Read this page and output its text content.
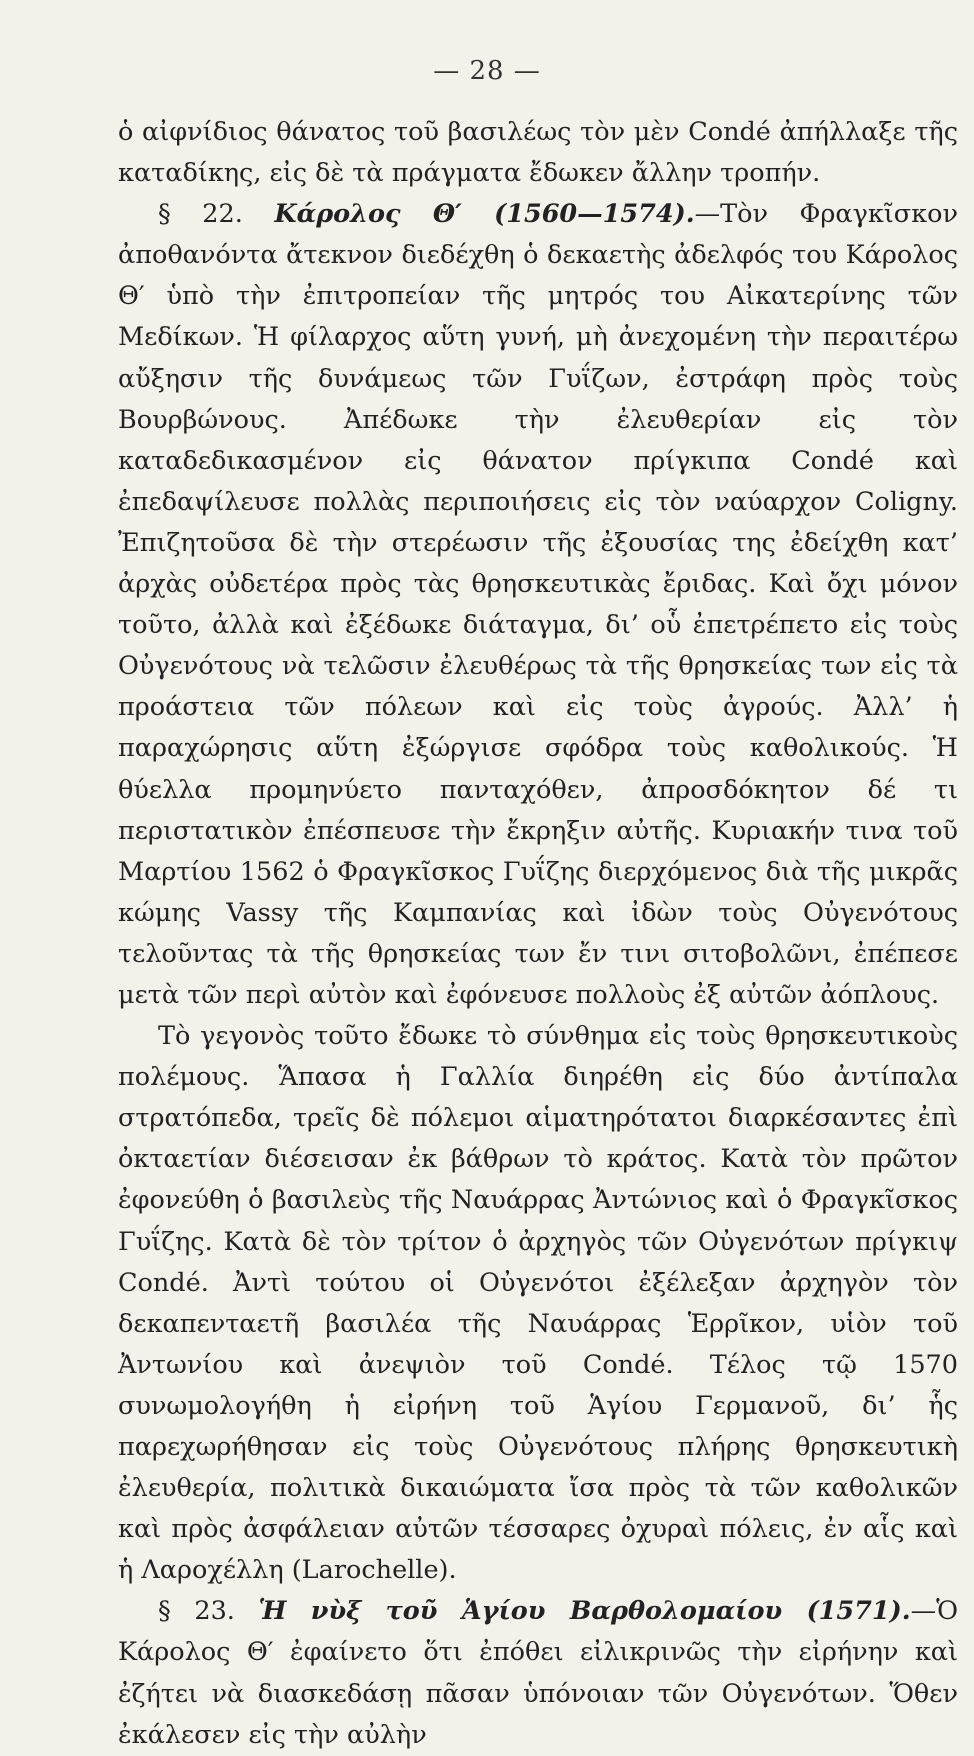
— 28 —

ὁ αἰφνίδιος θάνατος τοῦ βασιλέως τὸν μὲν Condé ἀπήλλαξε τῆς καταδίκης, εἰς δὲ τὰ πράγματα ἔδωκεν ἄλλην τροπήν.

§ 22. Κάρολος Θ′ (1560—1574).—Τὸν Φραγκῖσκον ἀποθανόντα ἄτεκνον διεδέχθη ὁ δεκαετὴς ἀδελφός του Κάρολος Θ′ ὑπὸ τὴν ἐπιτροπείαν τῆς μητρός του Αἰκατερίνης τῶν Μεδίκων. Ἡ φίλαρχος αὕτη γυνή, μὴ ἀνεχομένη τὴν περαιτέρω αὔξησιν τῆς δυνάμεως τῶν Γυΐζων, ἐστράφη πρὸς τοὺς Βουρβώνους. Ἀπέδωκε τὴν ἐλευθερίαν εἰς τὸν καταδεδικασμένον εἰς θάνατον πρίγκιπα Condé καὶ ἐπεδαψίλευσε πολλὰς περιποιήσεις εἰς τὸν ναύαρχον Coligny. Ἐπιζητοῦσα δὲ τὴν στερέωσιν τῆς ἐξουσίας της ἐδείχθη κατ’ ἀρχὰς οὐδετέρα πρὸς τὰς θρησκευτικὰς ἔριδας. Καὶ ὄχι μόνον τοῦτο, ἀλλὰ καὶ ἐξέδωκε διάταγμα, δι’ οὗ ἐπετρέπετο εἰς τοὺς Οὐγενότους νὰ τελῶσιν ἐλευθέρως τὰ τῆς θρησκείας των εἰς τὰ προάστεια τῶν πόλεων καὶ εἰς τοὺς ἀγρούς. Ἀλλ’ ἡ παραχώρησις αὕτη ἐξώργισε σφόδρα τοὺς καθολικούς. Ἡ θύελλα προμηνύετο πανταχόθεν, ἀπροσδόκητον δέ τι περιστατικὸν ἐπέσπευσε τὴν ἔκρηξιν αὐτῆς. Κυριακήν τινα τοῦ Μαρτίου 1562 ὁ Φραγκῖσκος Γυΐζης διερχόμενος διὰ τῆς μικρᾶς κώμης Vassy τῆς Καμπανίας καὶ ἰδὼν τοὺς Οὐγενότους τελοῦντας τὰ τῆς θρησκείας των ἔν τινι σιτοβολῶνι, ἐπέπεσε μετὰ τῶν περὶ αὐτὸν καὶ ἐφόνευσε πολλοὺς ἐξ αὐτῶν ἀόπλους.

Τὸ γεγονὸς τοῦτο ἔδωκε τὸ σύνθημα εἰς τοὺς θρησκευτικοὺς πολέμους. Ἅπασα ἡ Γαλλία διηρέθη εἰς δύο ἀντίπαλα στρατόπεδα, τρεῖς δὲ πόλεμοι αἱματηρότατοι διαρκέσαντες ἐπὶ ὀκταετίαν διέσεισαν ἐκ βάθρων τὸ κράτος. Κατὰ τὸν πρῶτον ἐφονεύθη ὁ βασιλεὺς τῆς Ναυάρρας Ἀντώνιος καὶ ὁ Φραγκῖσκος Γυΐζης. Κατὰ δὲ τὸν τρίτον ὁ ἀρχηγὸς τῶν Οὐγενότων πρίγκιψ Condé. Ἀντὶ τούτου οἱ Οὐγενότοι ἐξέλεξαν ἀρχηγὸν τὸν δεκαπενταετῆ βασιλέα τῆς Ναυάρρας Ἑρρῖκον, υἱὸν τοῦ Ἀντωνίου καὶ ἀνεψιὸν τοῦ Condé. Τέλος τῷ 1570 συνωμολογήθη ἡ εἰρήνη τοῦ Ἁγίου Γερμανοῦ, δι’ ἧς παρεχωρήθησαν εἰς τοὺς Οὐγενότους πλήρης θρησκευτικὴ ἐλευθερία, πολιτικὰ δικαιώματα ἴσα πρὸς τὰ τῶν καθολικῶν καὶ πρὸς ἀσφάλειαν αὐτῶν τέσσαρες ὀχυραὶ πόλεις, ἐν αἷς καὶ ἡ Λαροχέλλη (Larochelle).

§ 23. Ἡ νὺξ τοῦ Ἁγίου Βαρθολομαίου (1571).—Ὁ Κάρολος Θ′ ἐφαίνετο ὅτι ἐπόθει εἰλικρινῶς τὴν εἰρήνην καὶ ἐζήτει νὰ διασκεδάσῃ πᾶσαν ὑπόνοιαν τῶν Οὐγενότων. Ὅθεν ἐκάλεσεν εἰς τὴν αὐλὴν
